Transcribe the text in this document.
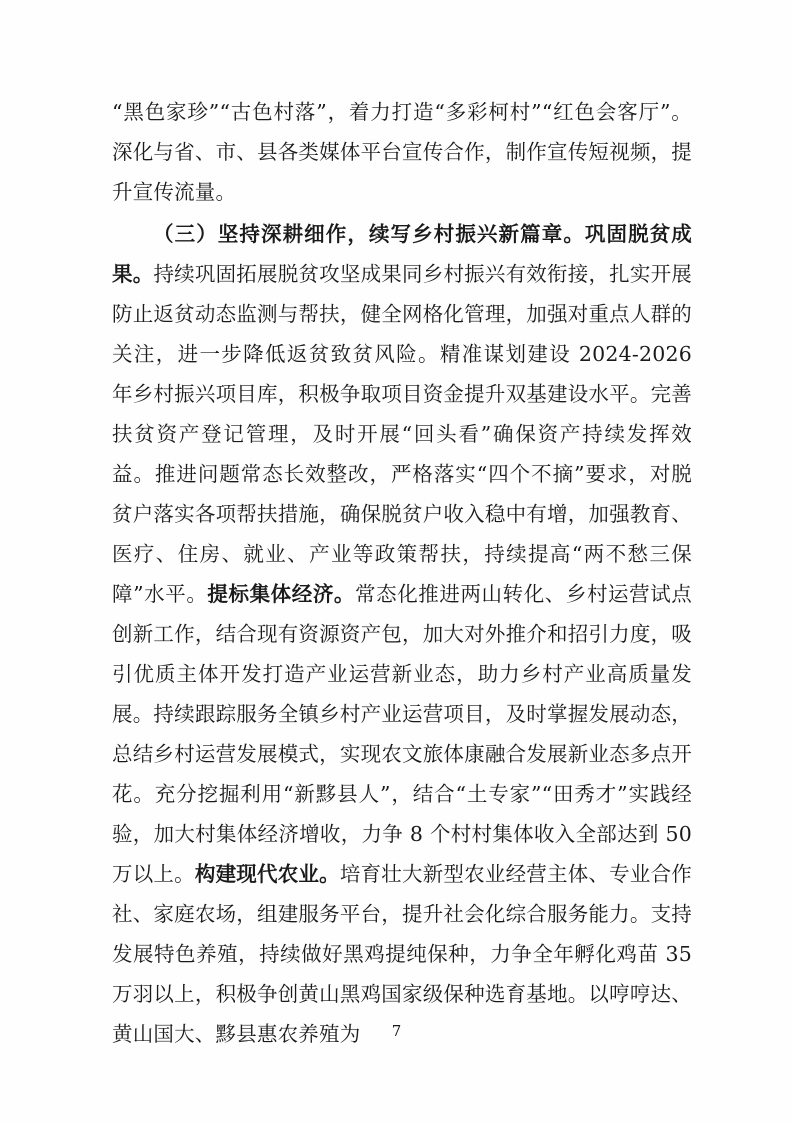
“黑色家珍”“古色村落”，着力打造“多彩柯村”“红色会客厅”。深化与省、市、县各类媒体平台宣传合作，制作宣传短视频，提升宣传流量。

（三）坚持深耕细作，续写乡村振兴新篇章。巩固脱贫成果。持续巩固拓展脱贫攻坚成果同乡村振兴有效衔接，扎实开展防止返贫动态监测与帮扶，健全网格化管理，加强对重点人群的关注，进一步降低返贫致贫风险。精准谋划建设 2024-2026 年乡村振兴项目库，积极争取项目资金提升双基建设水平。完善扶贫资产登记管理，及时开展“回头看”确保资产持续发挥效益。推进问题常态长效整改，严格落实“四个不摘”要求，对脱贫户落实各项帮扶措施，确保脱贫户收入稳中有增，加强教育、医疗、住房、就业、产业等政策帮扶，持续提高“两不愁三保障”水平。提标集体经济。常态化推进两山转化、乡村运营试点创新工作，结合现有资源资产包，加大对外推介和招引力度，吸引优质主体开发打造产业运营新业态，助力乡村产业高质量发展。持续跟踪服务全镇乡村产业运营项目，及时掌握发展动态，总结乡村运营发展模式，实现农文旅体康融合发展新业态多点开花。充分挖掘利用“新黟县人”，结合“土专家”“田秀才”实践经验，加大村集体经济增收，力争 8 个村村集体收入全部达到 50 万以上。构建现代农业。培育壮大新型农业经营主体、专业合作社、家庭农场，组建服务平台，提升社会化综合服务能力。支持发展特色养殖，持续做好黑鸡提纯保种，力争全年孵化鸡苗 35 万羽以上，积极争创黄山黑鸡国家级保种选育基地。以哼哼达、黄山国大、黟县惠农养殖为	7
